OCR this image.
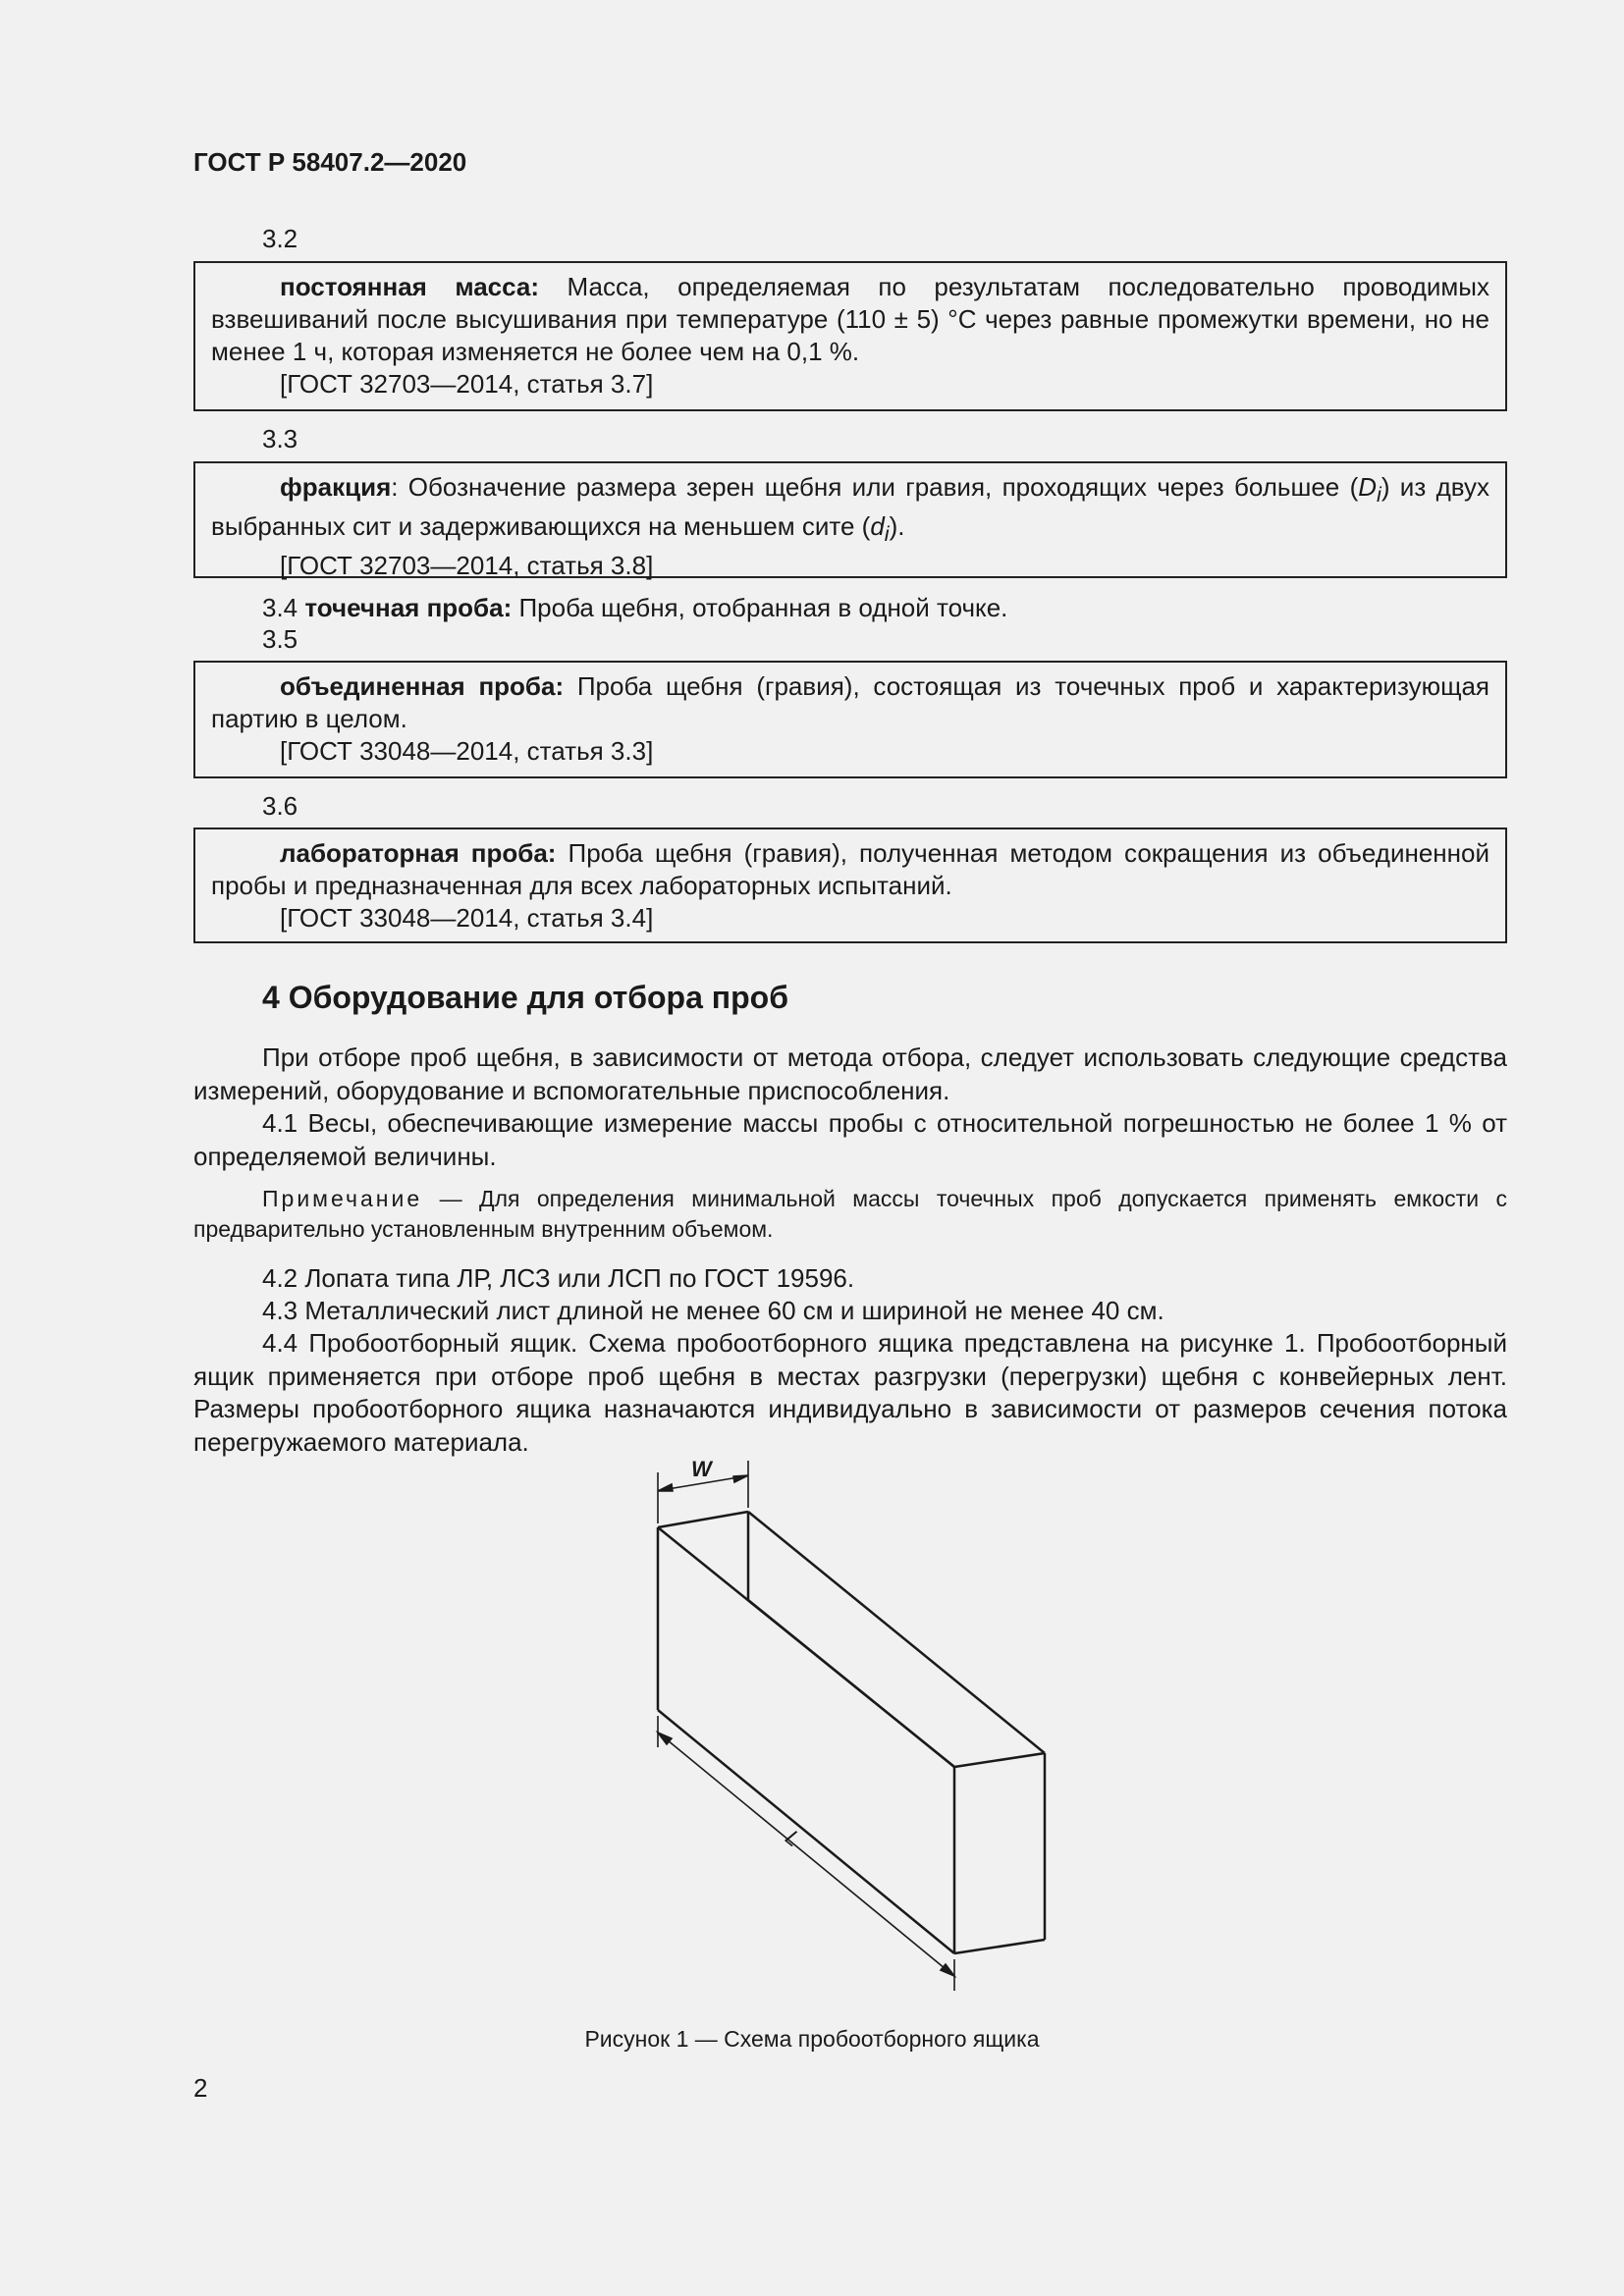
ГОСТ Р 58407.2—2020
3.2

постоянная масса: Масса, определяемая по результатам последовательно проводимых взвешиваний после высушивания при температуре (110 ± 5) °С через равные промежутки времени, но не менее 1 ч, которая изменяется не более чем на 0,1 %.

[ГОСТ 32703—2014, статья 3.7]

3.3

фракция: Обозначение размера зерен щебня или гравия, проходящих через большее $(D_i)$ из двух выбранных сит и задерживающихся на меньшем сите $(d_i)$.

[ГОСТ 32703—2014, статья 3.8]

3.4 точечная проба: Проба щебня, отобранная в одной точке.
3.5

объединенная проба: Проба щебня (гравия), состоящая из точечных проб и характеризующая партию в целом.

[ГОСТ 33048—2014, статья 3.3]

3.6

лабораторная проба: Проба щебня (гравия), полученная методом сокращения из объединенной пробы и предназначенная для всех лабораторных испытаний.

[ГОСТ 33048—2014, статья 3.4]

4 Оборудование для отбора проб

При отборе проб щебня, в зависимости от метода отбора, следует использовать следующие средства измерений, оборудование и вспомогательные приспособления.

4.1 Весы, обеспечивающие измерение массы пробы с относительной погрешностью не более 1 % от определяемой величины.

Примечание — Для определения минимальной массы точечных проб допускается применять емкости с предварительно установленным внутренним объемом.

4.2 Лопата типа ЛР, ЛСЗ или ЛСП по ГОСТ 19596.

4.3 Металлический лист длиной не менее 60 см и шириной не менее 40 см.

4.4 Пробоотборный ящик. Схема пробоотборного ящика представлена на рисунке 1. Пробоотборный ящик применяется при отборе проб щебня в местах разгрузки (перегрузки) щебня с конвейерных лент. Размеры пробоотборного ящика назначаются индивидуально в зависимости от размеров сечения потока перегружаемого материала.

W
L
Рисунок 1 — Схема пробоотборного ящика
2
